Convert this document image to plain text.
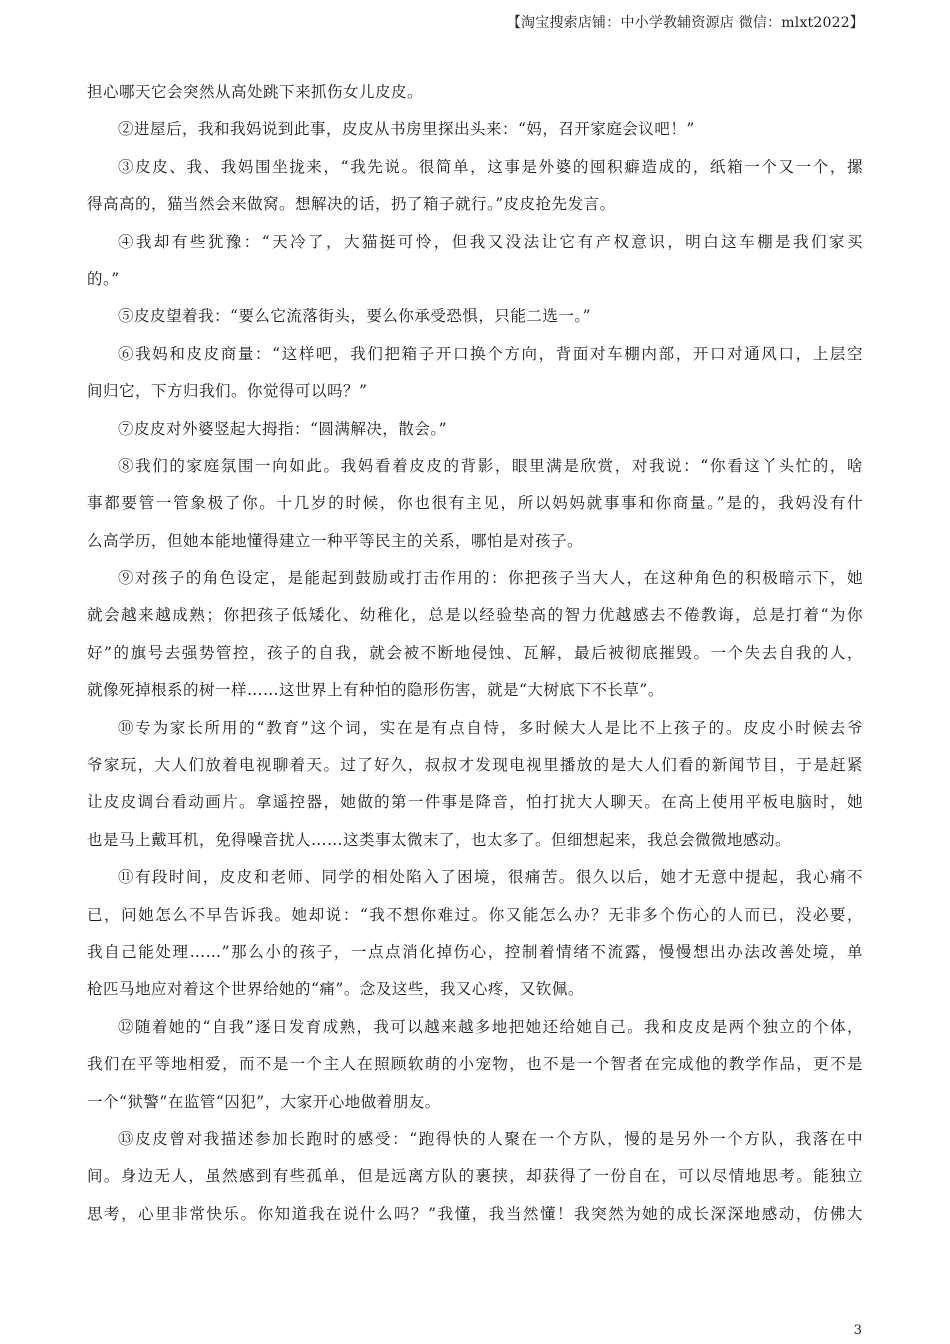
【淘宝搜索店铺：中小学教辅资源店 微信：mlxt2022】
担心哪天它会突然从高处跳下来抓伤女儿皮皮。
②进屋后，我和我妈说到此事，皮皮从书房里探出头来：“妈，召开家庭会议吧！”
③皮皮、我、我妈围坐拢来，“我先说。很简单，这事是外婆的囤积癖造成的，纸箱一个又一个，摞
得高高的，猫当然会来做窝。想解决的话，扔了箱子就行。”皮皮抢先发言。
④我却有些犹豫：“天冷了，大猫挺可怜，但我又没法让它有产权意识，明白这车棚是我们家买
的。”
⑤皮皮望着我：“要么它流落街头，要么你承受恐惧，只能二选一。”
⑥我妈和皮皮商量：“这样吧，我们把箱子开口换个方向，背面对车棚内部，开口对通风口，上层空
间归它，下方归我们。你觉得可以吗？”
⑦皮皮对外婆竖起大拇指：“圆满解决，散会。”
⑧我们的家庭氛围一向如此。我妈看着皮皮的背影，眼里满是欣赏，对我说：“你看这丫头忙的，啥
事都要管一管象极了你。十几岁的时候，你也很有主见，所以妈妈就事事和你商量。”是的，我妈没有什
么高学历，但她本能地懂得建立一种平等民主的关系，哪怕是对孩子。
⑨对孩子的角色设定，是能起到鼓励或打击作用的：你把孩子当大人，在这种角色的积极暗示下，她
就会越来越成熟；你把孩子低矮化、幼稚化，总是以经验垫高的智力优越感去不倦教诲，总是打着“为你
好”的旗号去强势管控，孩子的自我，就会被不断地侵蚀、瓦解，最后被彻底摧毁。一个失去自我的人，
就像死掉根系的树一样……这世界上有种怕的隐形伤害，就是“大树底下不长草”。
⑩专为家长所用的“教育”这个词，实在是有点自恃，多时候大人是比不上孩子的。皮皮小时候去爷
爷家玩，大人们放着电视聊着天。过了好久，叔叔才发现电视里播放的是大人们看的新闻节目，于是赶紧
让皮皮调台看动画片。拿遥控器，她做的第一件事是降音，怕打扰大人聊天。在高上使用平板电脑时，她
也是马上戴耳机，免得噪音扰人……这类事太微末了，也太多了。但细想起来，我总会微微地感动。
⑪有段时间，皮皮和老师、同学的相处陷入了困境，很痛苦。很久以后，她才无意中提起，我心痛不
已，问她怎么不早告诉我。她却说：“我不想你难过。你又能怎么办？无非多个伤心的人而已，没必要，
我自己能处理……”那么小的孩子，一点点消化掉伤心，控制着情绪不流露，慢慢想出办法改善处境，单
枪匹马地应对着这个世界给她的“痛”。念及这些，我又心疼，又钦佩。
⑫随着她的“自我”逐日发育成熟，我可以越来越多地把她还给她自己。我和皮皮是两个独立的个体，
我们在平等地相爱，而不是一个主人在照顾软萌的小宠物，也不是一个智者在完成他的教学作品，更不是
一个“狱警”在监管“囚犯”，大家开心地做着朋友。
⑬皮皮曾对我描述参加长跑时的感受：“跑得快的人聚在一个方队，慢的是另外一个方队，我落在中
间。身边无人，虽然感到有些孤单，但是远离方队的裹挟，却获得了一份自在，可以尽情地思考。能独立
思考，心里非常快乐。你知道我在说什么吗？”我懂，我当然懂！我突然为她的成长深深地感动，仿佛大
3
